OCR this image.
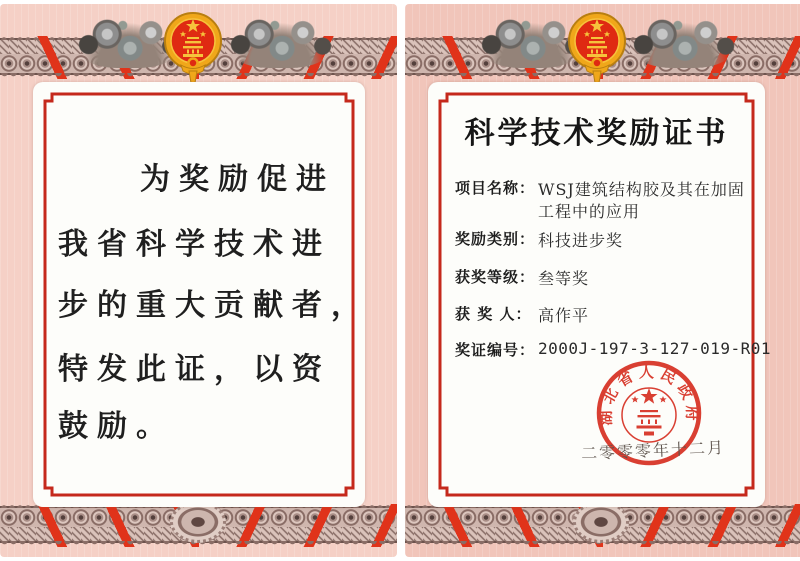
为奖励促进
我省科学技术进
步的重大贡献者，
特发此证，以资
鼓励。
科学技术奖励证书
项目名称： WSJ建筑结构胶及其在加固
工程中的应用
奖励类别： 科技进步奖
获奖等级： 叁等奖
获 奖 人： 高作平
奖证编号： 2000J-197-3-127-019-R01
湖北省人民政府
二零零零年十二月
